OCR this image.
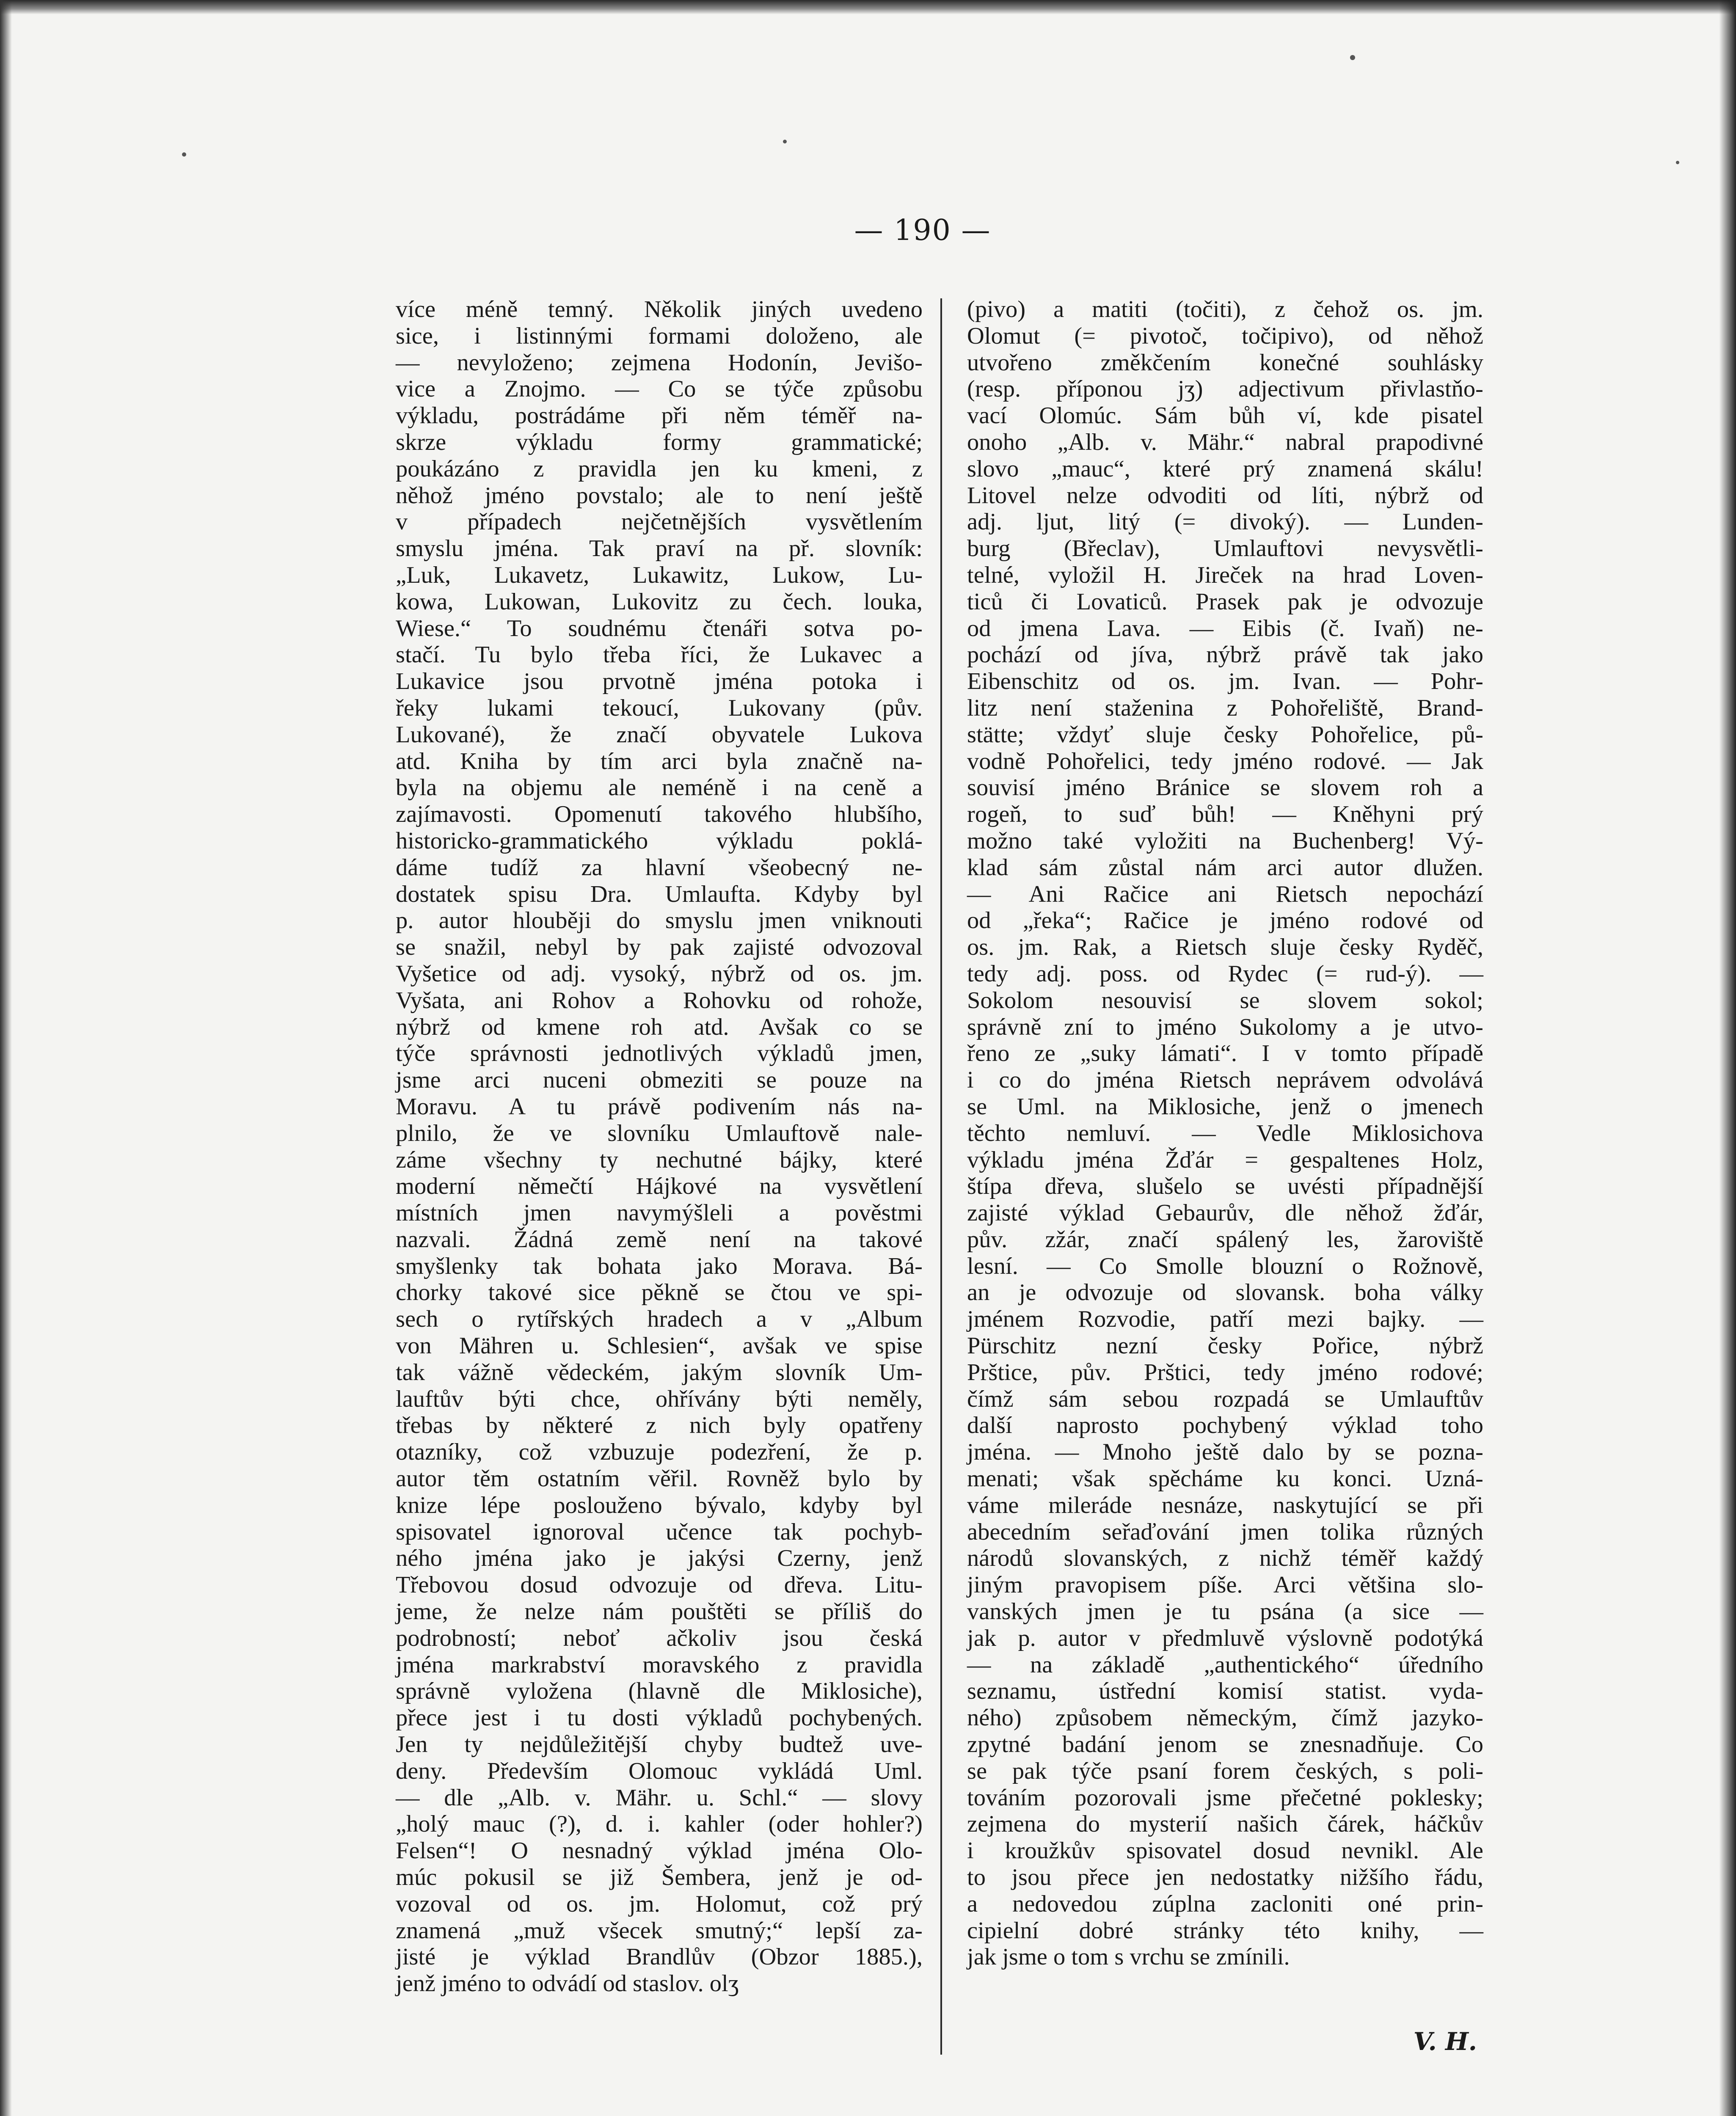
— 190 —
více méně temný. Několik jiných uvedeno
sice, i listinnými formami doloženo, ale
— nevyloženo; zejmena Hodonín, Jevišo-
vice a Znojmo. — Co se týče způsobu
výkladu, postrádáme při něm téměř na-
skrze výkladu formy grammatické;
poukázáno z pravidla jen ku kmeni, z
něhož jméno povstalo; ale to není ještě
v případech nejčetnějších vysvětlením
smyslu jména. Tak praví na př. slovník:
„Luk, Lukavetz, Lukawitz, Lukow, Lu-
kowa, Lukowan, Lukovitz zu čech. louka,
Wiese.“ To soudnému čtenáři sotva po-
stačí. Tu bylo třeba říci, že Lukavec a
Lukavice jsou prvotně jména potoka i
řeky lukami tekoucí, Lukovany (pův.
Lukované), že značí obyvatele Lukova
atd. Kniha by tím arci byla značně na-
byla na objemu ale neméně i na ceně a
zajímavosti. Opomenutí takového hlubšího,
historicko-grammatického výkladu poklá-
dáme tudíž za hlavní všeobecný ne-
dostatek spisu Dra. Umlaufta. Kdyby byl
p. autor hlouběji do smyslu jmen vniknouti
se snažil, nebyl by pak zajisté odvozoval
Vyšetice od adj. vysoký, nýbrž od os. jm.
Vyšata, ani Rohov a Rohovku od rohože,
nýbrž od kmene roh atd. Avšak co se
týče správnosti jednotlivých výkladů jmen,
jsme arci nuceni obmeziti se pouze na
Moravu. A tu právě podivením nás na-
plnilo, že ve slovníku Umlauftově nale-
záme všechny ty nechutné bájky, které
moderní němečtí Hájkové na vysvětlení
místních jmen navymýšleli a pověstmi
nazvali. Žádná země není na takové
smyšlenky tak bohata jako Morava. Bá-
chorky takové sice pěkně se čtou ve spi-
sech o rytířských hradech a v „Album
von Mähren u. Schlesien“, avšak ve spise
tak vážně vědeckém, jakým slovník Um-
lauftův býti chce, ohřívány býti neměly,
třebas by některé z nich byly opatřeny
otazníky, což vzbuzuje podezření, že p.
autor těm ostatním věřil. Rovněž bylo by
knize lépe poslouženo bývalo, kdyby byl
spisovatel ignoroval učence tak pochyb-
ného jména jako je jakýsi Czerny, jenž
Třebovou dosud odvozuje od dřeva. Litu-
jeme, že nelze nám pouštěti se příliš do
podrobností; neboť ačkoliv jsou česká
jména markrabství moravského z pravidla
správně vyložena (hlavně dle Miklosiche),
přece jest i tu dosti výkladů pochybených.
Jen ty nejdůležitější chyby budtež uve-
deny. Především Olomouc vykládá Uml.
— dle „Alb. v. Mähr. u. Schl.“ — slovy
„holý mauc (?), d. i. kahler (oder hohler?)
Felsen“! O nesnadný výklad jména Olo-
múc pokusil se již Šembera, jenž je od-
vozoval od os. jm. Holomut, což prý
znamená „muž všecek smutný;“ lepší za-
jisté je výklad Brandlův (Obzor 1885.),
jenž jméno to odvádí od staslov. olʒ
(pivo) a matiti (točiti), z čehož os. jm.
Olomut (= pivotoč, točipivo), od něhož
utvořeno změkčením konečné souhlásky
(resp. příponou jʒ) adjectivum přivlastňo-
vací Olomúc. Sám bůh ví, kde pisatel
onoho „Alb. v. Mähr.“ nabral prapodivné
slovo „mauc“, které prý znamená skálu!
Litovel nelze odvoditi od líti, nýbrž od
adj. ljut, litý (= divoký). — Lunden-
burg (Břeclav), Umlauftovi nevysvětli-
telné, vyložil H. Jireček na hrad Loven-
ticů či Lovaticů. Prasek pak je odvozuje
od jmena Lava. — Eibis (č. Ivaň) ne-
pochází od jíva, nýbrž právě tak jako
Eibenschitz od os. jm. Ivan. — Pohr-
litz není staženina z Pohořeliště, Brand-
stätte; vždyť sluje česky Pohořelice, pů-
vodně Pohořelici, tedy jméno rodové. — Jak
souvisí jméno Bránice se slovem roh a
rogeň, to suď bůh! — Kněhyni prý
možno také vyložiti na Buchenberg! Vý-
klad sám zůstal nám arci autor dlužen.
— Ani Račice ani Rietsch nepochází
od „řeka“; Račice je jméno rodové od
os. jm. Rak, a Rietsch sluje česky Ryděč,
tedy adj. poss. od Rydec (= rud-ý). —
Sokolom nesouvisí se slovem sokol;
správně zní to jméno Sukolomy a je utvo-
řeno ze „suky lámati“. I v tomto případě
i co do jména Rietsch neprávem odvolává
se Uml. na Miklosiche, jenž o jmenech
těchto nemluví. — Vedle Miklosichova
výkladu jména Žďár = gespaltenes Holz,
štípa dřeva, slušelo se uvésti případnější
zajisté výklad Gebaurův, dle něhož žďár,
pův. zžár, značí spálený les, žaroviště
lesní. — Co Smolle blouzní o Rožnově,
an je odvozuje od slovansk. boha války
jménem Rozvodie, patří mezi bajky. —
Pürschitz nezní česky Pořice, nýbrž
Prštice, pův. Prštici, tedy jméno rodové;
čímž sám sebou rozpadá se Umlauftův
další naprosto pochybený výklad toho
jména. — Mnoho ještě dalo by se pozna-
menati; však spěcháme ku konci. Uzná-
váme mileráde nesnáze, naskytující se při
abecedním seřaďování jmen tolika různých
národů slovanských, z nichž téměř každý
jiným pravopisem píše. Arci většina slo-
vanských jmen je tu psána (a sice —
jak p. autor v předmluvě výslovně podotýká
— na základě „authentického“ úředního
seznamu, ústřední komisí statist. vyda-
ného) způsobem německým, čímž jazyko-
zpytné badání jenom se znesnadňuje. Co
se pak týče psaní forem českých, s poli-
továním pozorovali jsme přečetné poklesky;
zejmena do mysterií našich čárek, háčkův
i kroužkův spisovatel dosud nevnikl. Ale
to jsou přece jen nedostatky nižšího řádu,
a nedovedou zúplna zacloniti oné prin-
cipielní dobré stránky této knihy, —
jak jsme o tom s vrchu se zmínili.
V. H.
